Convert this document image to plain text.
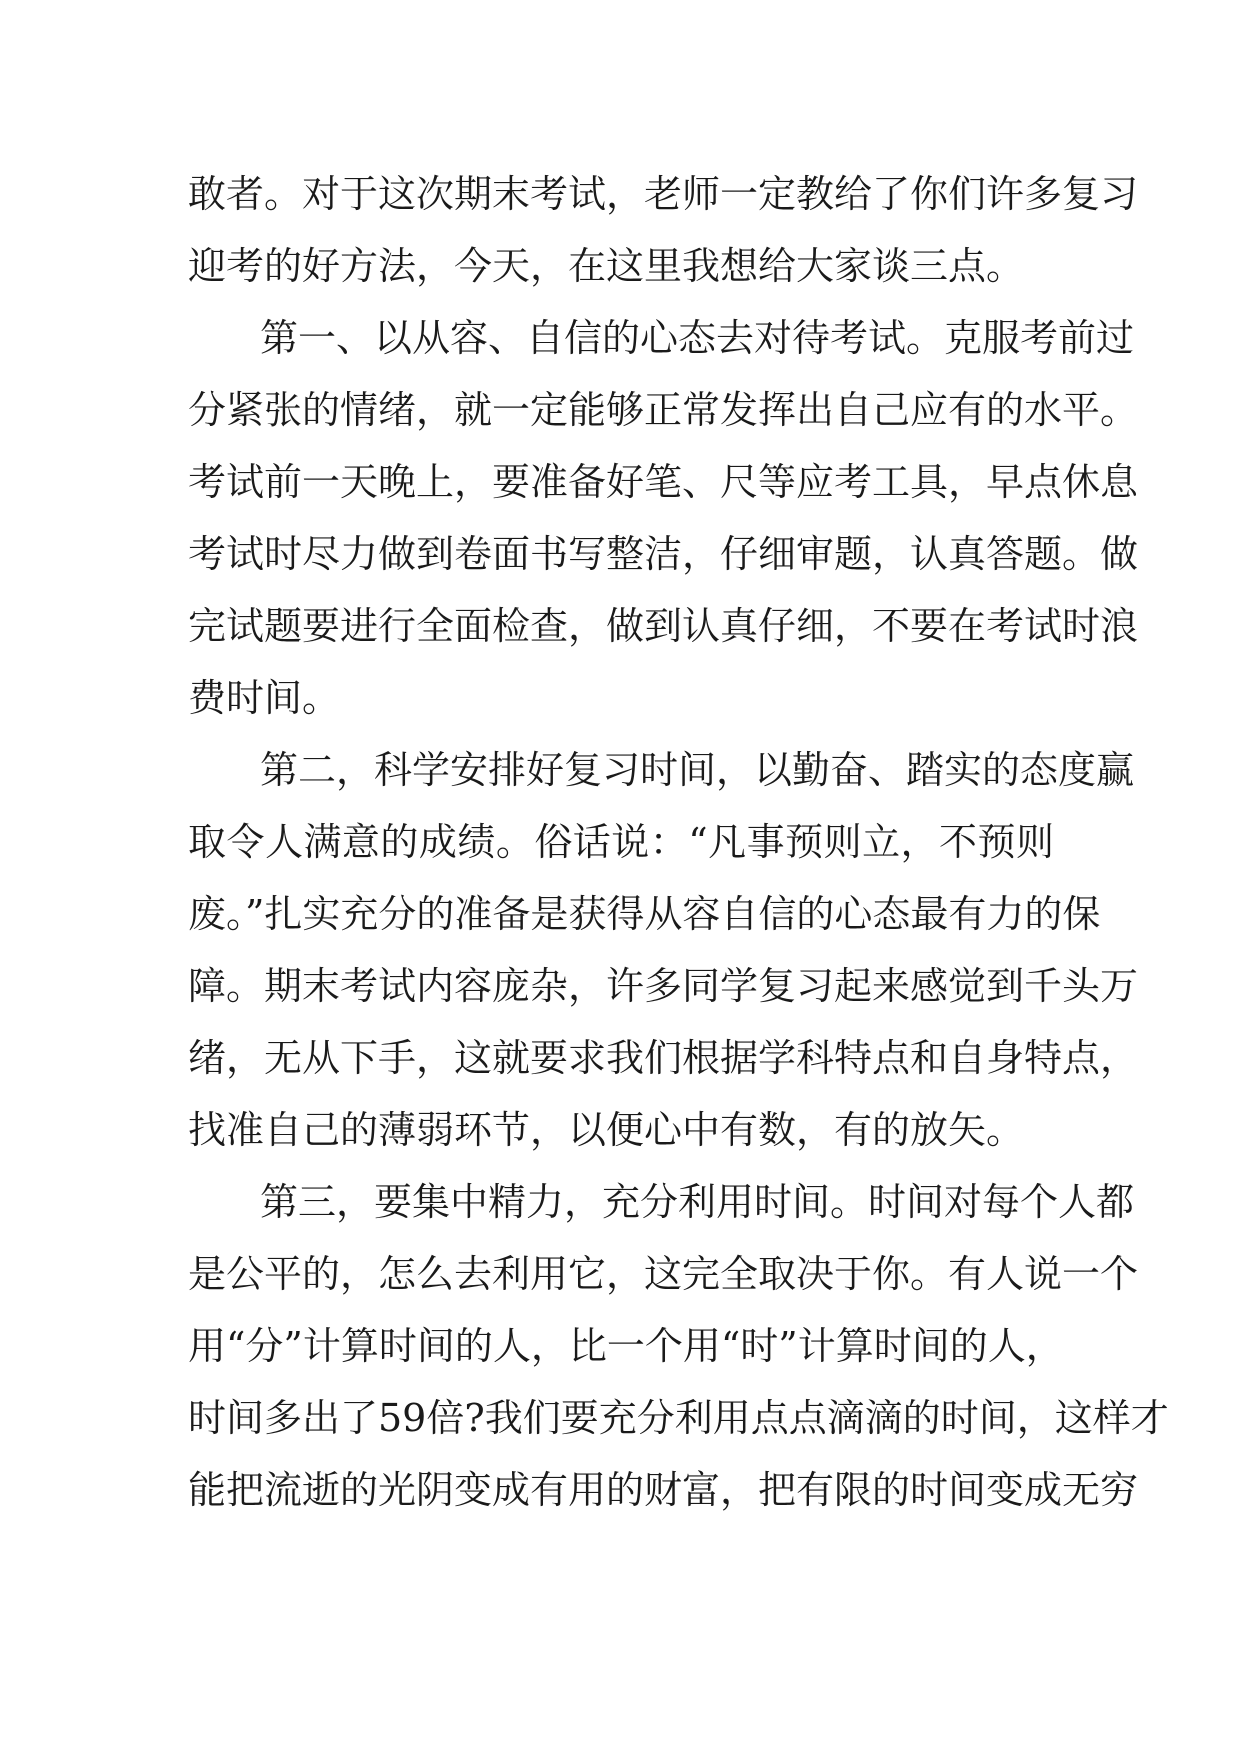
敢者。对于这次期末考试，老师一定教给了你们许多复习
迎考的好方法，今天，在这里我想给大家谈三点。
第一、以从容、自信的心态去对待考试。克服考前过
分紧张的情绪，就一定能够正常发挥出自己应有的水平。
考试前一天晚上，要准备好笔、尺等应考工具，早点休息
考试时尽力做到卷面书写整洁，仔细审题，认真答题。做
完试题要进行全面检查，做到认真仔细，不要在考试时浪
费时间。
第二，科学安排好复习时间，以勤奋、踏实的态度赢
取令人满意的成绩。俗话说：“凡事预则立，不预则
废。”扎实充分的准备是获得从容自信的心态最有力的保
障。期末考试内容庞杂，许多同学复习起来感觉到千头万
绪，无从下手，这就要求我们根据学科特点和自身特点，
找准自己的薄弱环节，以便心中有数，有的放矢。
第三，要集中精力，充分利用时间。时间对每个人都
是公平的，怎么去利用它，这完全取决于你。有人说一个
用“分”计算时间的人，比一个用“时”计算时间的人，
时间多出了59倍?我们要充分利用点点滴滴的时间，这样才
能把流逝的光阴变成有用的财富，把有限的时间变成无穷
